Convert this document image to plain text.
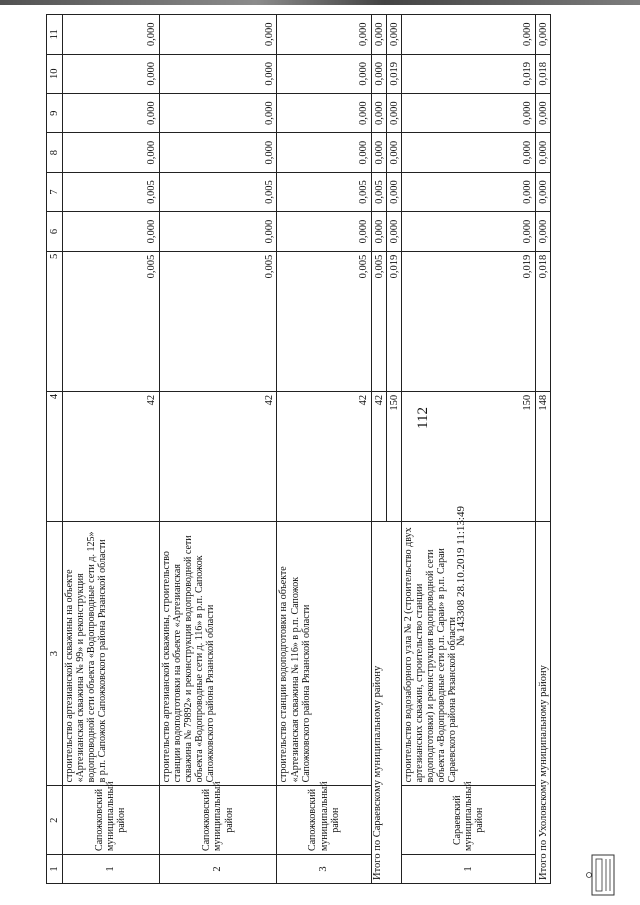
112
1	2	3	4	5	6	7	8	9	10	11
1	Сапожковский муниципальный район	строительство артезианской скважины на объекте «Артезианская скважина № 99» и реконструкция водопроводной сети объекта «Водопроводные сети д. 125» в р.п. Сапожок Сапожковского района Рязанской области	42	0,005	0,000	0,005	0,000	0,000	0,000	0,000
2	Сапожковский муниципальный район	строительство артезианской скважины, строительство станции водоподготовки на объекте «Артезианская скважина № 79892» и реконструкция водопроводной сети объекта «Водопроводные сети д. 116» в р.п. Сапожок Сапожковского района Рязанской области	42	0,005	0,000	0,005	0,000	0,000	0,000	0,000
3	Сапожковский муниципальный район	строительство станции водоподготовки на объекте «Артезианская скважина № 116» в р.п. Сапожок Сапожковского района Рязанской области	42	0,005	0,000	0,005	0,000	0,000	0,000	0,000
Итого по Сараевскому муниципальному району			42	0,005	0,000	0,005	0,000	0,000	0,000	0,000
			150	0,019	0,000	0,000	0,000	0,000	0,019	0,000
1	Сараевский муниципальный район	строительство водозаборного узла № 2 (строительство двух артезианских скважин, строительство станции водоподготовки) и реконструкция водопроводной сети объекта «Водопроводные сети р.п. Сараи» в р.п. Сараи Сараевского района Рязанской области	150	0,019	0,000	0,000	0,000	0,000	0,019	0,000
Итого по Ухоловскому муниципальному району			148	0,018	0,000	0,000	0,000	0,000	0,018	0,000
№ 143308 28.10.2019 11:13:49
